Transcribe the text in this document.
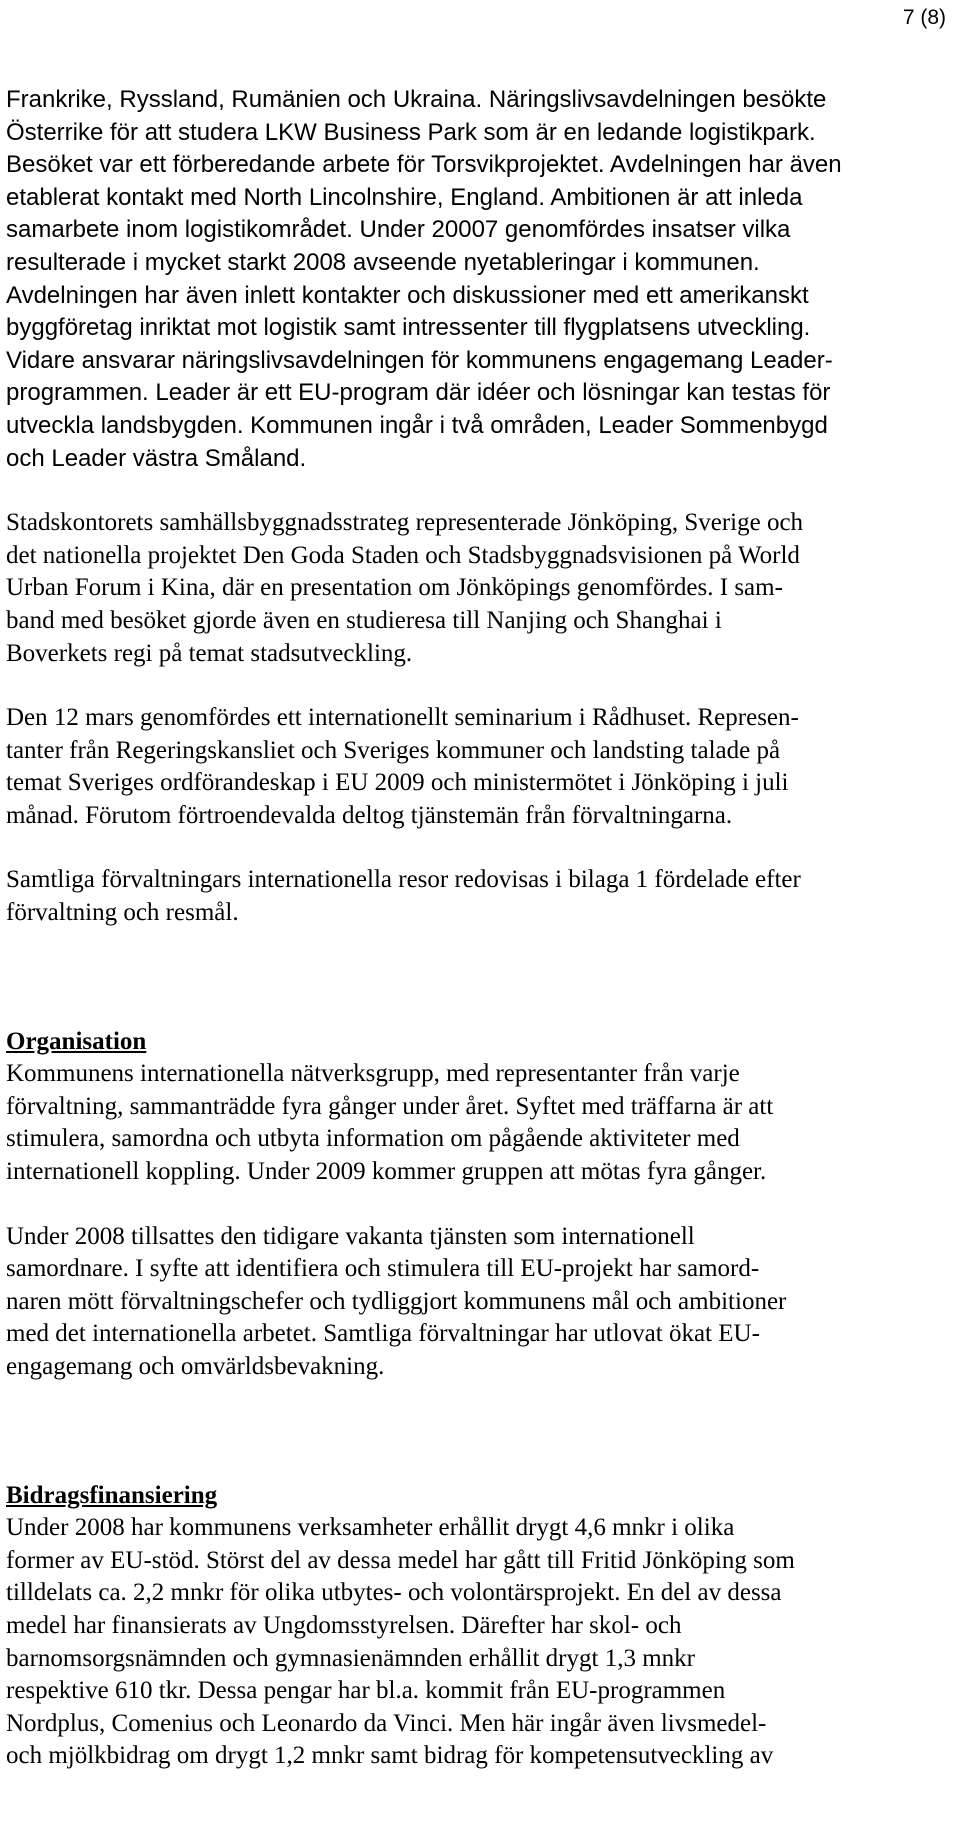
7 (8)

Frankrike, Ryssland, Rumänien och Ukraina. Näringslivsavdelningen besökte
Österrike för att studera LKW Business Park som är en ledande logistikpark.
Besöket var ett förberedande arbete för Torsvikprojektet. Avdelningen har även
etablerat kontakt med North Lincolnshire, England. Ambitionen är att inleda
samarbete inom logistikområdet. Under 20007 genomfördes insatser vilka
resulterade i mycket starkt 2008 avseende nyetableringar i kommunen.
Avdelningen har även inlett kontakter och diskussioner med ett amerikanskt
byggföretag inriktat mot logistik samt intressenter till flygplatsens utveckling.
Vidare ansvarar näringslivsavdelningen för kommunens engagemang Leader-
programmen. Leader är ett EU-program där idéer och lösningar kan testas för
utveckla landsbygden. Kommunen ingår i två områden, Leader Sommenbygd
och Leader västra Småland.

Stadskontorets samhällsbyggnadsstrateg representerade Jönköping, Sverige och
det nationella projektet Den Goda Staden och Stadsbyggnadsvisionen på World
Urban Forum i Kina, där en presentation om Jönköpings genomfördes. I sam-
band med besöket gjorde även en studieresa till Nanjing och Shanghai i
Boverkets regi på temat stadsutveckling.

Den 12 mars genomfördes ett internationellt seminarium i Rådhuset. Represen-
tanter från Regeringskansliet och Sveriges kommuner och landsting talade på
temat Sveriges ordförandeskap i EU 2009 och ministermötet i Jönköping i juli
månad. Förutom förtroendevalda deltog tjänstemän från förvaltningarna.

Samtliga förvaltningars internationella resor redovisas i bilaga 1 fördelade efter
förvaltning och resmål.

Organisation

Kommunens internationella nätverksgrupp, med representanter från varje
förvaltning, sammanträdde fyra gånger under året. Syftet med träffarna är att
stimulera, samordna och utbyta information om pågående aktiviteter med
internationell koppling. Under 2009 kommer gruppen att mötas fyra gånger.

Under 2008 tillsattes den tidigare vakanta tjänsten som internationell
samordnare. I syfte att identifiera och stimulera till EU-projekt har samord-
naren mött förvaltningschefer och tydliggjort kommunens mål och ambitioner
med det internationella arbetet. Samtliga förvaltningar har utlovat ökat EU-
engagemang och omvärldsbevakning.

Bidragsfinansiering

Under 2008 har kommunens verksamheter erhållit drygt 4,6 mnkr i olika
former av EU-stöd. Störst del av dessa medel har gått till Fritid Jönköping som
tilldelats ca. 2,2 mnkr för olika utbytes- och volontärsprojekt. En del av dessa
medel har finansierats av Ungdomsstyrelsen. Därefter har skol- och
barnomsorgsnämnden och gymnasienämnden erhållit drygt 1,3 mnkr
respektive 610 tkr. Dessa pengar har bl.a. kommit från EU-programmen
Nordplus, Comenius och Leonardo da Vinci. Men här ingår även livsmedel-
och mjölkbidrag om drygt 1,2 mnkr samt bidrag för kompetensutveckling av
